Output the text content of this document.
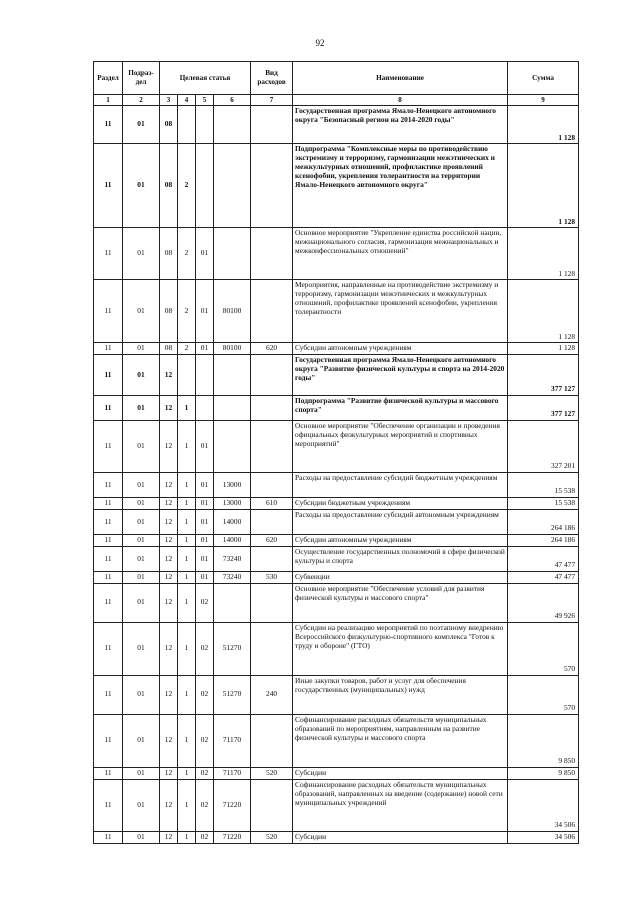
92
Раздел	Подраз-дел	Целевая статья				Вид расходов	Наименование	Сумма
1	2	3	4	5	6	7	8	9
11	01	08					Государственная программа Ямало-Ненецкого автономного округа "Безопасный регион на 2014-2020 годы"	1 128
11	01	08	2				Подпрограмма "Комплексные меры по противодействию экстремизму и терроризму, гармонизации межэтнических и межкультурных отношений, профилактике проявлений ксенофобии, укрепления толерантности на территории Ямало-Ненецкого автономного округа"	1 128
11	01	08	2	01			Основное мероприятие "Укрепление единства российской нации, межнационального согласия, гармонизация межнациональных и межконфессиональных отношений"	1 128
11	01	08	2	01	80100		Мероприятия, направленные на противодействие экстремизму и терроризму, гармонизации межэтнических и межкультурных отношений, профилактике проявлений ксенофобии, укрепления толерантности	1 128
11	01	08	2	01	80100	620	Субсидии автономным учреждениям	1 128
11	01	12					Государственная программа Ямало-Ненецкого автономного округа "Развитие физической культуры и спорта на 2014-2020 годы"	377 127
11	01	12	1				Подпрограмма "Развитие физической культуры и массового спорта"	377 127
11	01	12	1	01			Основное мероприятие "Обеспечение организации и проведения официальных физкультурных мероприятий и спортивных мероприятий"	327 201
11	01	12	1	01	13000		Расходы на предоставление субсидий бюджетным учреждениям	15 538
11	01	12	1	01	13000	610	Субсидии бюджетным учреждениям	15 538
11	01	12	1	01	14000		Расходы на предоставление субсидий автономным учреждениям	264 186
11	01	12	1	01	14000	620	Субсидии автономным учреждениям	264 186
11	01	12	1	01	73240		Осуществление государственных полномочий в сфере физической культуры и спорта	47 477
11	01	12	1	01	73240	530	Субвенции	47 477
11	01	12	1	02			Основное мероприятие "Обеспечение условий для развития физической культуры и массового спорта"	49 926
11	01	12	1	02	51270		Субсидии на реализацию мероприятий по поэтапному внедрению Всероссийского физкультурно-спортивного комплекса "Готов к труду и обороне" (ГТО)	570
11	01	12	1	02	51270	240	Иные закупки товаров, работ и услуг для обеспечения государственных (муниципальных) нужд	570
11	01	12	1	02	71170		Софинансирование расходных обязательств муниципальных образований по мероприятиям, направленным на развитие физической культуры и массового спорта	9 850
11	01	12	1	02	71170	520	Субсидии	9 850
11	01	12	1	02	71220		Софинансирование расходных обязательств муниципальных образований, направленных на введение (содержание) новой сети муниципальных учреждений	34 506
11	01	12	1	02	71220	520	Субсидии	34 506
